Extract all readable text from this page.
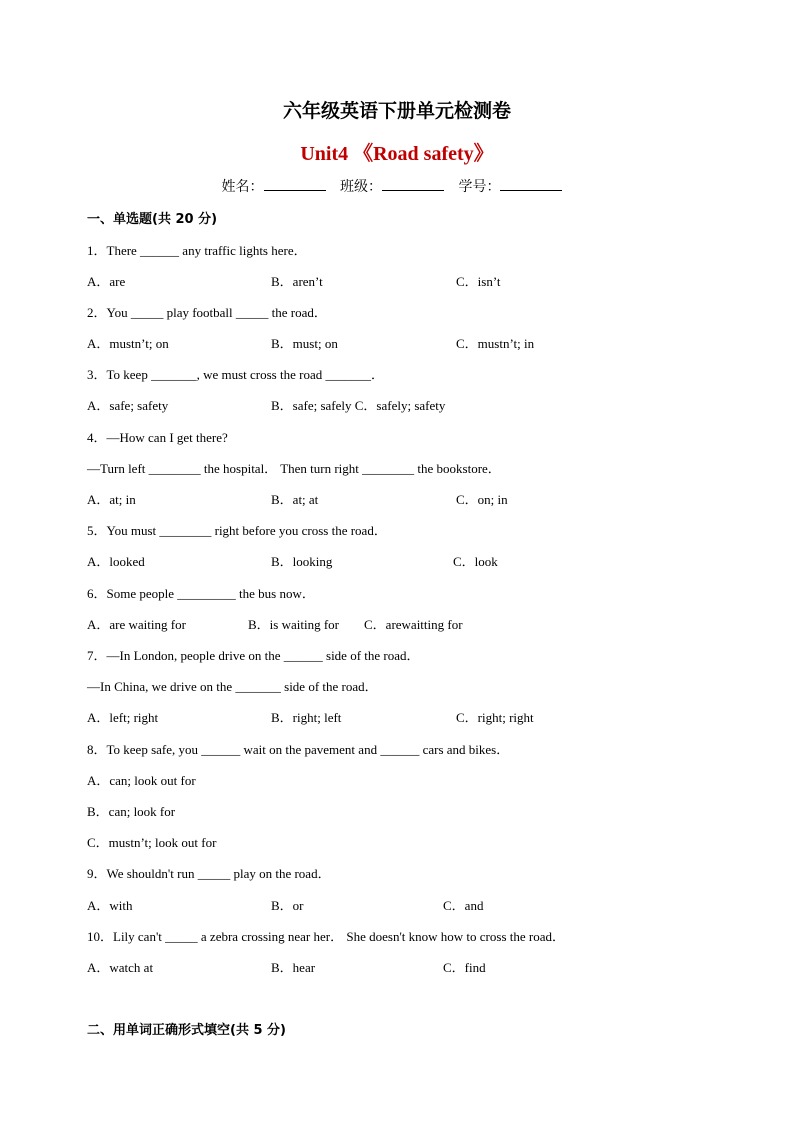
六年级英语下册单元检测卷
Unit4 《Road safety》
姓名：	班级：	学号：
一、单选题(共 20 分)
1．There ______ any traffic lights here．
A．are	B．aren’t	C．isn’t
2．You _____ play football _____ the road．
A．mustn’t; on	B．must; on	C．mustn’t; in
3．To keep _______, we must cross the road _______．
A．safe; safety	B．safe; safely C．safely; safety
4．—How can I get there?
—Turn left ________ the hospital． Then turn right ________ the bookstore．
A．at; in	B．at; at	C．on; in
5．You must ________ right before you cross the road．
A．looked	B．looking	C．look
6．Some people _________ the bus now．
A．are waiting for	B．is waiting for C．arewaitting for
7．—In London, people drive on the ______ side of the road．
—In China, we drive on the _______ side of the road．
A．left; right	B．right; left	C．right; right
8．To keep safe, you ______ wait on the pavement and ______ cars and bikes．
A．can; look out for
B．can; look for
C．mustn’t; look out for
9．We shouldn't run _____ play on the road．
A．with	B．or	C．and
10．Lily can't _____ a zebra crossing near her． She doesn't know how to cross the road．
A．watch at	B．hear	C．find
二、用单词正确形式填空(共 5 分)
